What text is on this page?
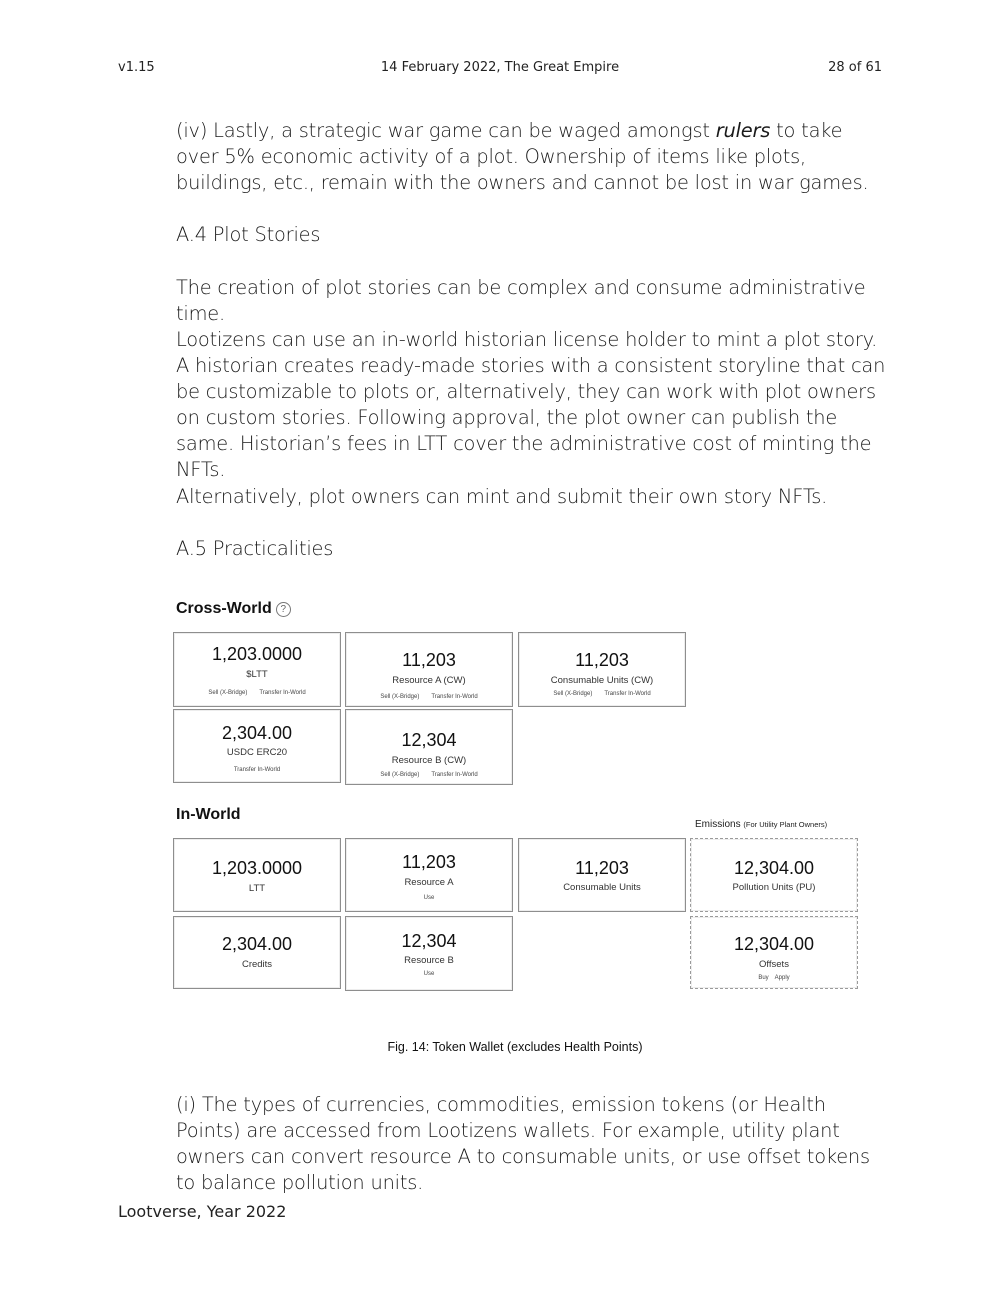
14 February 2022, The Great Empire
v1.15	28 of 61

(iv) Lastly, a strategic war game can be waged amongst rulers to take over 5% economic activity of a plot. Ownership of items like plots, buildings, etc., remain with the owners and cannot be lost in war games.

A.4 Plot Stories

The creation of plot stories can be complex and consume administrative time.

Lootizens can use an in-world historian license holder to mint a plot story. A historian creates ready-made stories with a consistent storyline that can be customizable to plots or, alternatively, they can work with plot owners on custom stories. Following approval, the plot owner can publish the same. Historian’s fees in LTT cover the administrative cost of minting the NFTs.

Alternatively, plot owners can mint and submit their own story NFTs.

A.5 Practicalities

Cross-World ?
1,203.0000
$LTT
Sell (X-Bridge) Transfer In-World
11,203
Resource A (CW)
Sell (X-Bridge) Transfer In-World
11,203
Consumable Units (CW)
Sell (X-Bridge) Transfer In-World
2,304.00
USDC ERC20
Transfer In-World
12,304
Resource B (CW)
Sell (X-Bridge) Transfer In-World
In-World
Emissions (For Utility Plant Owners)
1,203.0000
LTT
11,203
Resource A
Use
11,203
Consumable Units
12,304.00
Pollution Units (PU)
2,304.00
Credits
12,304
Resource B
Use
12,304.00
Offsets
Buy Apply
Fig. 14: Token Wallet (excludes Health Points)

(i) The types of currencies, commodities, emission tokens (or Health Points) are accessed from Lootizens wallets. For example, utility plant owners can convert resource A to consumable units, or use offset tokens to balance pollution units.

Lootverse, Year 2022
